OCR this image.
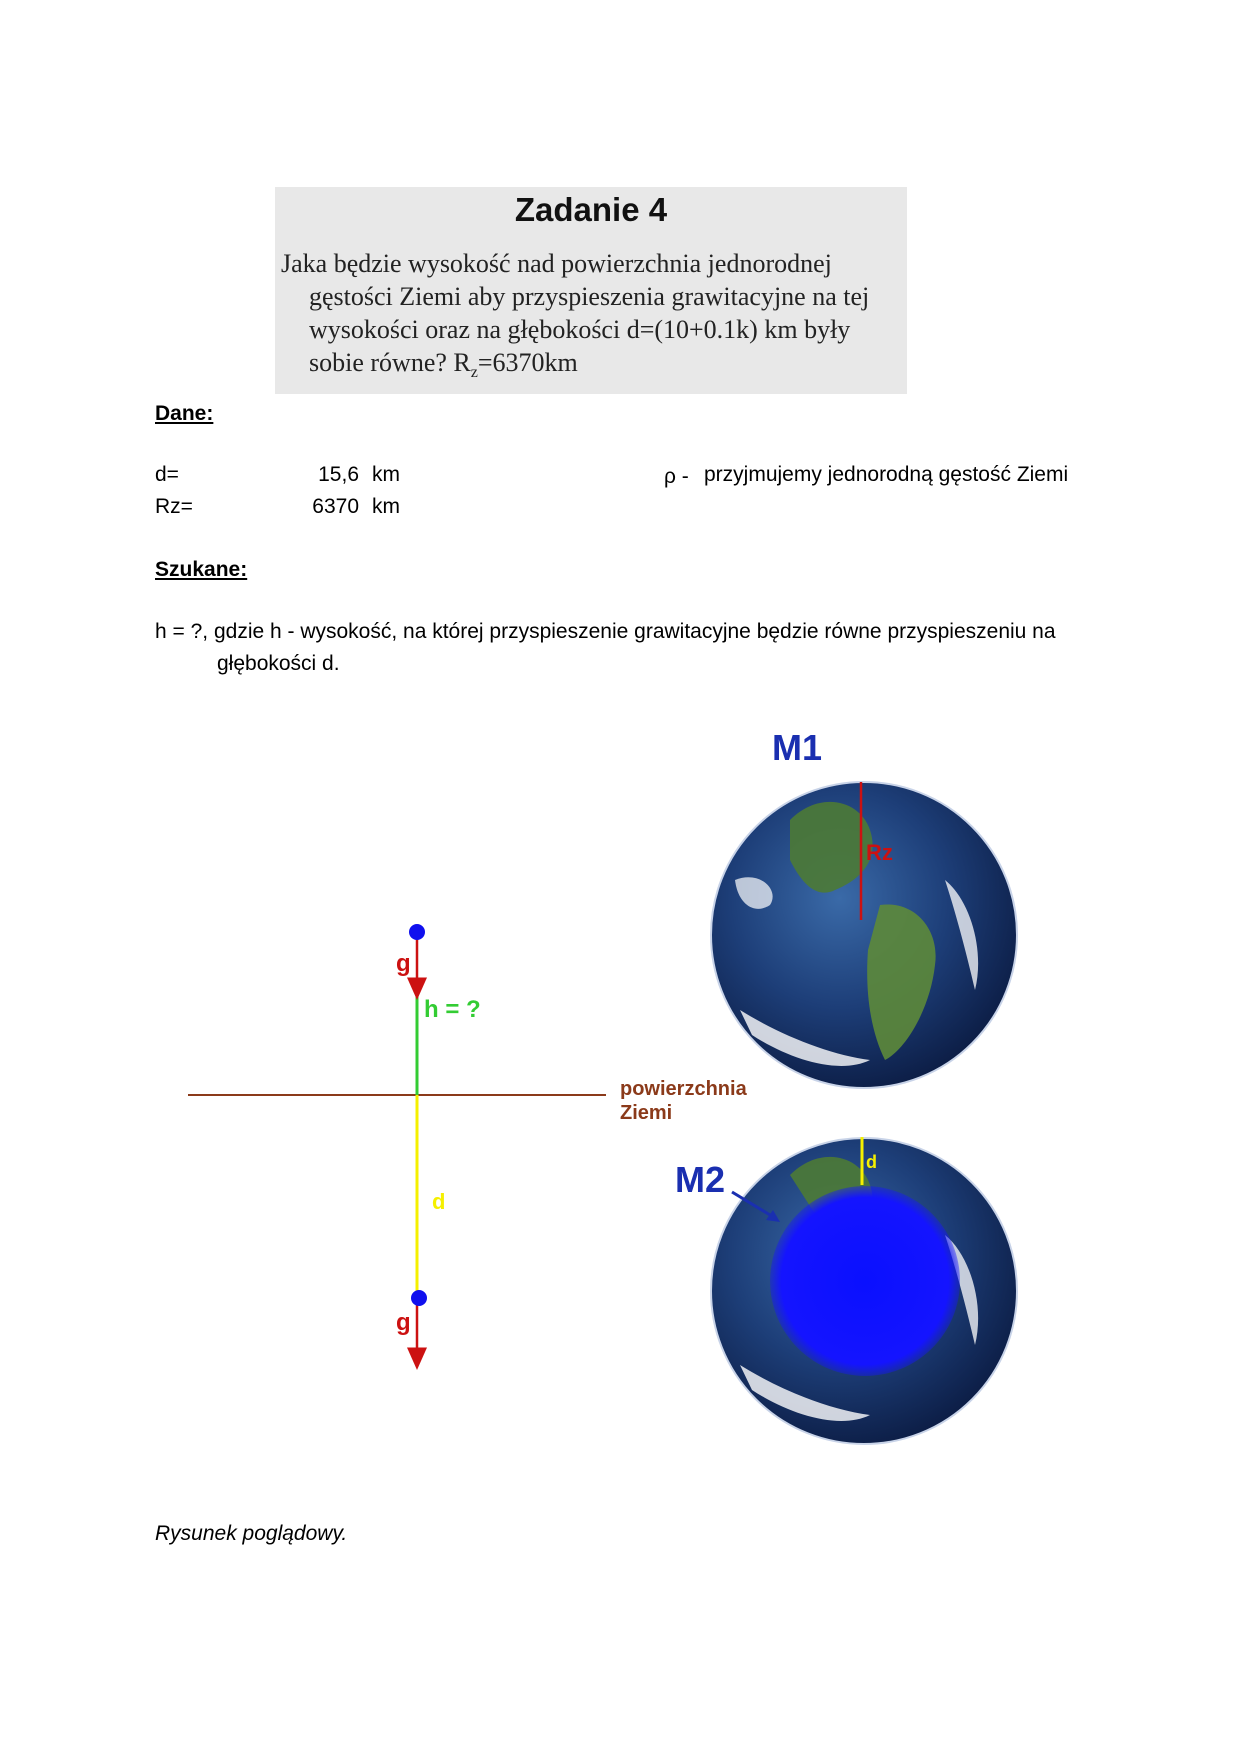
Zadanie 4
Jaka będzie wysokość nad powierzchnia jednorodnej
gęstości Ziemi aby przyspieszenia grawitacyjne na tej
wysokości oraz na głębokości d=(10+0.1k) km były
sobie równe? $R_z=6370km$
Dane:
d=	15,6 km
Rz=	6370 km
ρ - przyjmujemy jednorodną gęstość Ziemi
Szukane:
h = ?, gdzie h - wysokość, na której przyspieszenie grawitacyjne będzie równe przyspieszeniu na
głębokości d.
g
h = ?
powierzchnia
Ziemi
d
g
M1
Rz
d
M2
Rysunek poglądowy.
